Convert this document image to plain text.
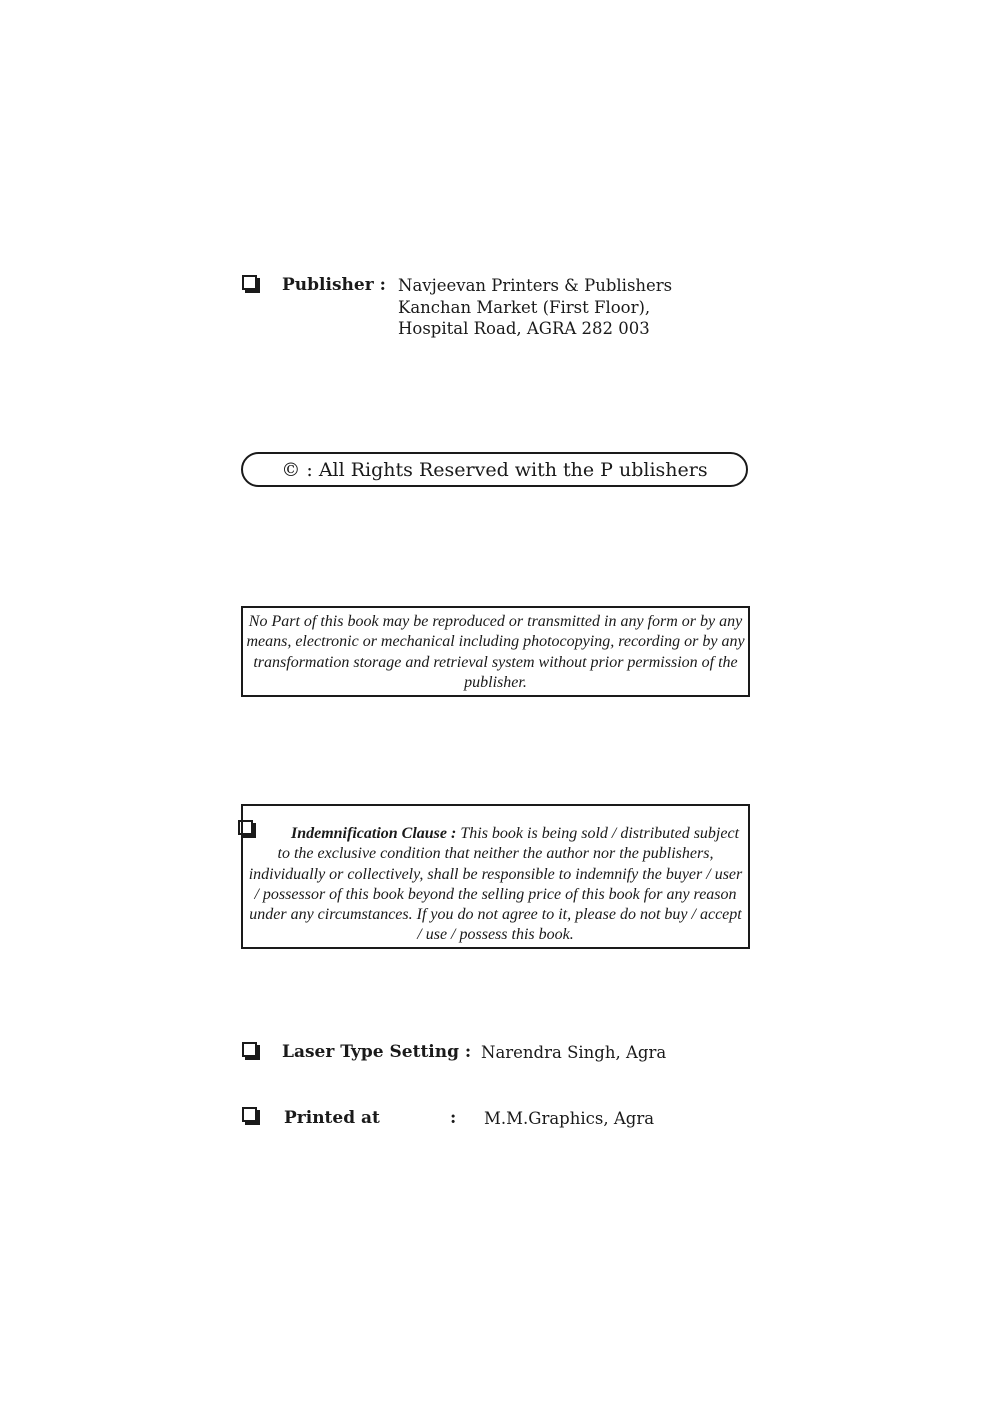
Publisher : Navjeevan Printers & Publishers
Kanchan Market (First Floor),
Hospital Road, AGRA 282 003
© : All Rights Reserved with the P ublishers
No Part of this book may be reproduced or transmitted in any form or by any means, electronic or mechanical including photocopying, recording or by any transformation storage and retrieval system without prior permission of the publisher.
Indemnification Clause : This book is being sold / distributed subject to the exclusive condition that neither the author nor the publishers, individually or collectively, shall be responsible to indemnify the buyer / user / possessor of this book beyond the selling price of this book for any reason under any circumstances. If you do not agree to it, please do not buy / accept / use / possess this book.
Laser Type Setting : Narendra Singh, Agra
Printed at	: M.M.Graphics, Agra
